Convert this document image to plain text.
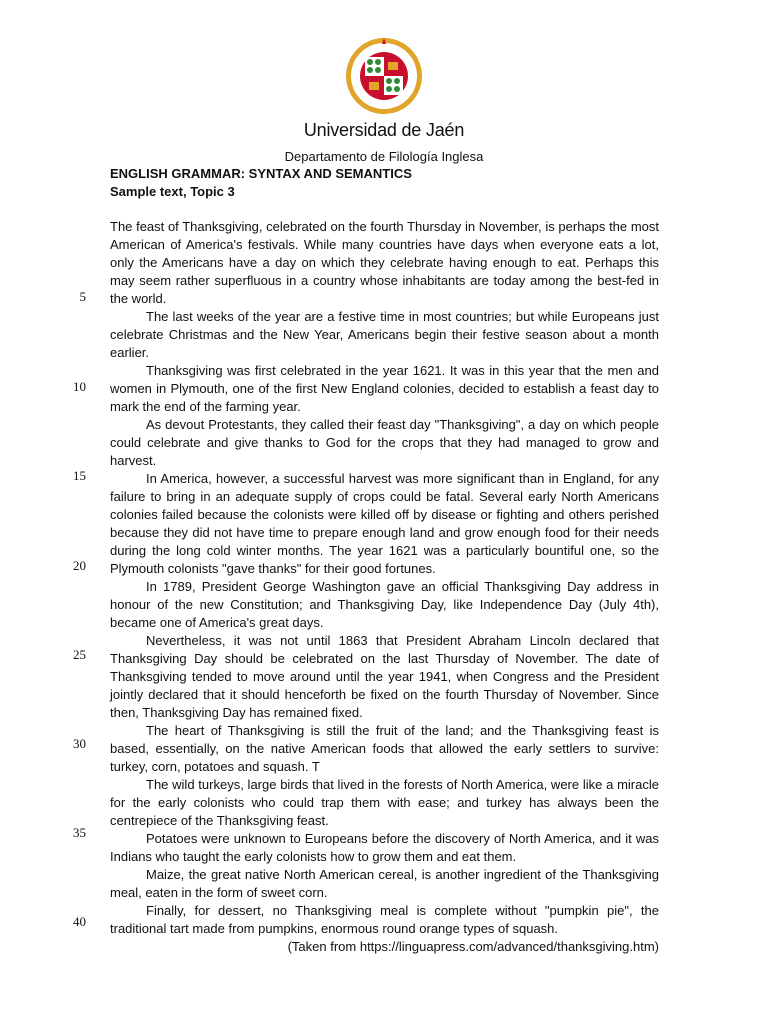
Universidad de Jaén
Departamento de Filología Inglesa
ENGLISH GRAMMAR: SYNTAX AND SEMANTICS
Sample text, Topic 3

The feast of Thanksgiving, celebrated on the fourth Thursday in November, is perhaps the most American of America's festivals. While many countries have days when everyone eats a lot, only the Americans have a day on which they celebrate having enough to eat. Perhaps this may seem rather superfluous in a country whose inhabitants are today among the best-fed in the world.

The last weeks of the year are a festive time in most countries; but while Europeans just celebrate Christmas and the New Year, Americans begin their festive season about a month earlier.

Thanksgiving was first celebrated in the year 1621. It was in this year that the men and women in Plymouth, one of the first New England colonies, decided to establish a feast day to mark the end of the farming year.

As devout Protestants, they called their feast day "Thanksgiving", a day on which people could celebrate and give thanks to God for the crops that they had managed to grow and harvest.

In America, however, a successful harvest was more significant than in England, for any failure to bring in an adequate supply of crops could be fatal. Several early North Americans colonies failed because the colonists were killed off by disease or fighting and others perished because they did not have time to prepare enough land and grow enough food for their needs during the long cold winter months. The year 1621 was a particularly bountiful one, so the Plymouth colonists "gave thanks" for their good fortunes.

In 1789, President George Washington gave an official Thanksgiving Day address in honour of the new Constitution; and Thanksgiving Day, like Independence Day (July 4th), became one of America's great days.

Nevertheless, it was not until 1863 that President Abraham Lincoln declared that Thanksgiving Day should be celebrated on the last Thursday of November. The date of Thanksgiving tended to move around until the year 1941, when Congress and the President jointly declared that it should henceforth be fixed on the fourth Thursday of November. Since then, Thanksgiving Day has remained fixed.

The heart of Thanksgiving is still the fruit of the land; and the Thanksgiving feast is based, essentially, on the native American foods that allowed the early settlers to survive: turkey, corn, potatoes and squash. T

The wild turkeys, large birds that lived in the forests of North America, were like a miracle for the early colonists who could trap them with ease; and turkey has always been the centrepiece of the Thanksgiving feast.

Potatoes were unknown to Europeans before the discovery of North America, and it was Indians who taught the early colonists how to grow them and eat them.

Maize, the great native North American cereal, is another ingredient of the Thanksgiving meal, eaten in the form of sweet corn.

Finally, for dessert, no Thanksgiving meal is complete without "pumpkin pie", the traditional tart made from pumpkins, enormous round orange types of squash.

(Taken from https://linguapress.com/advanced/thanksgiving.htm)

5
10
15
20
25
30
35
40
